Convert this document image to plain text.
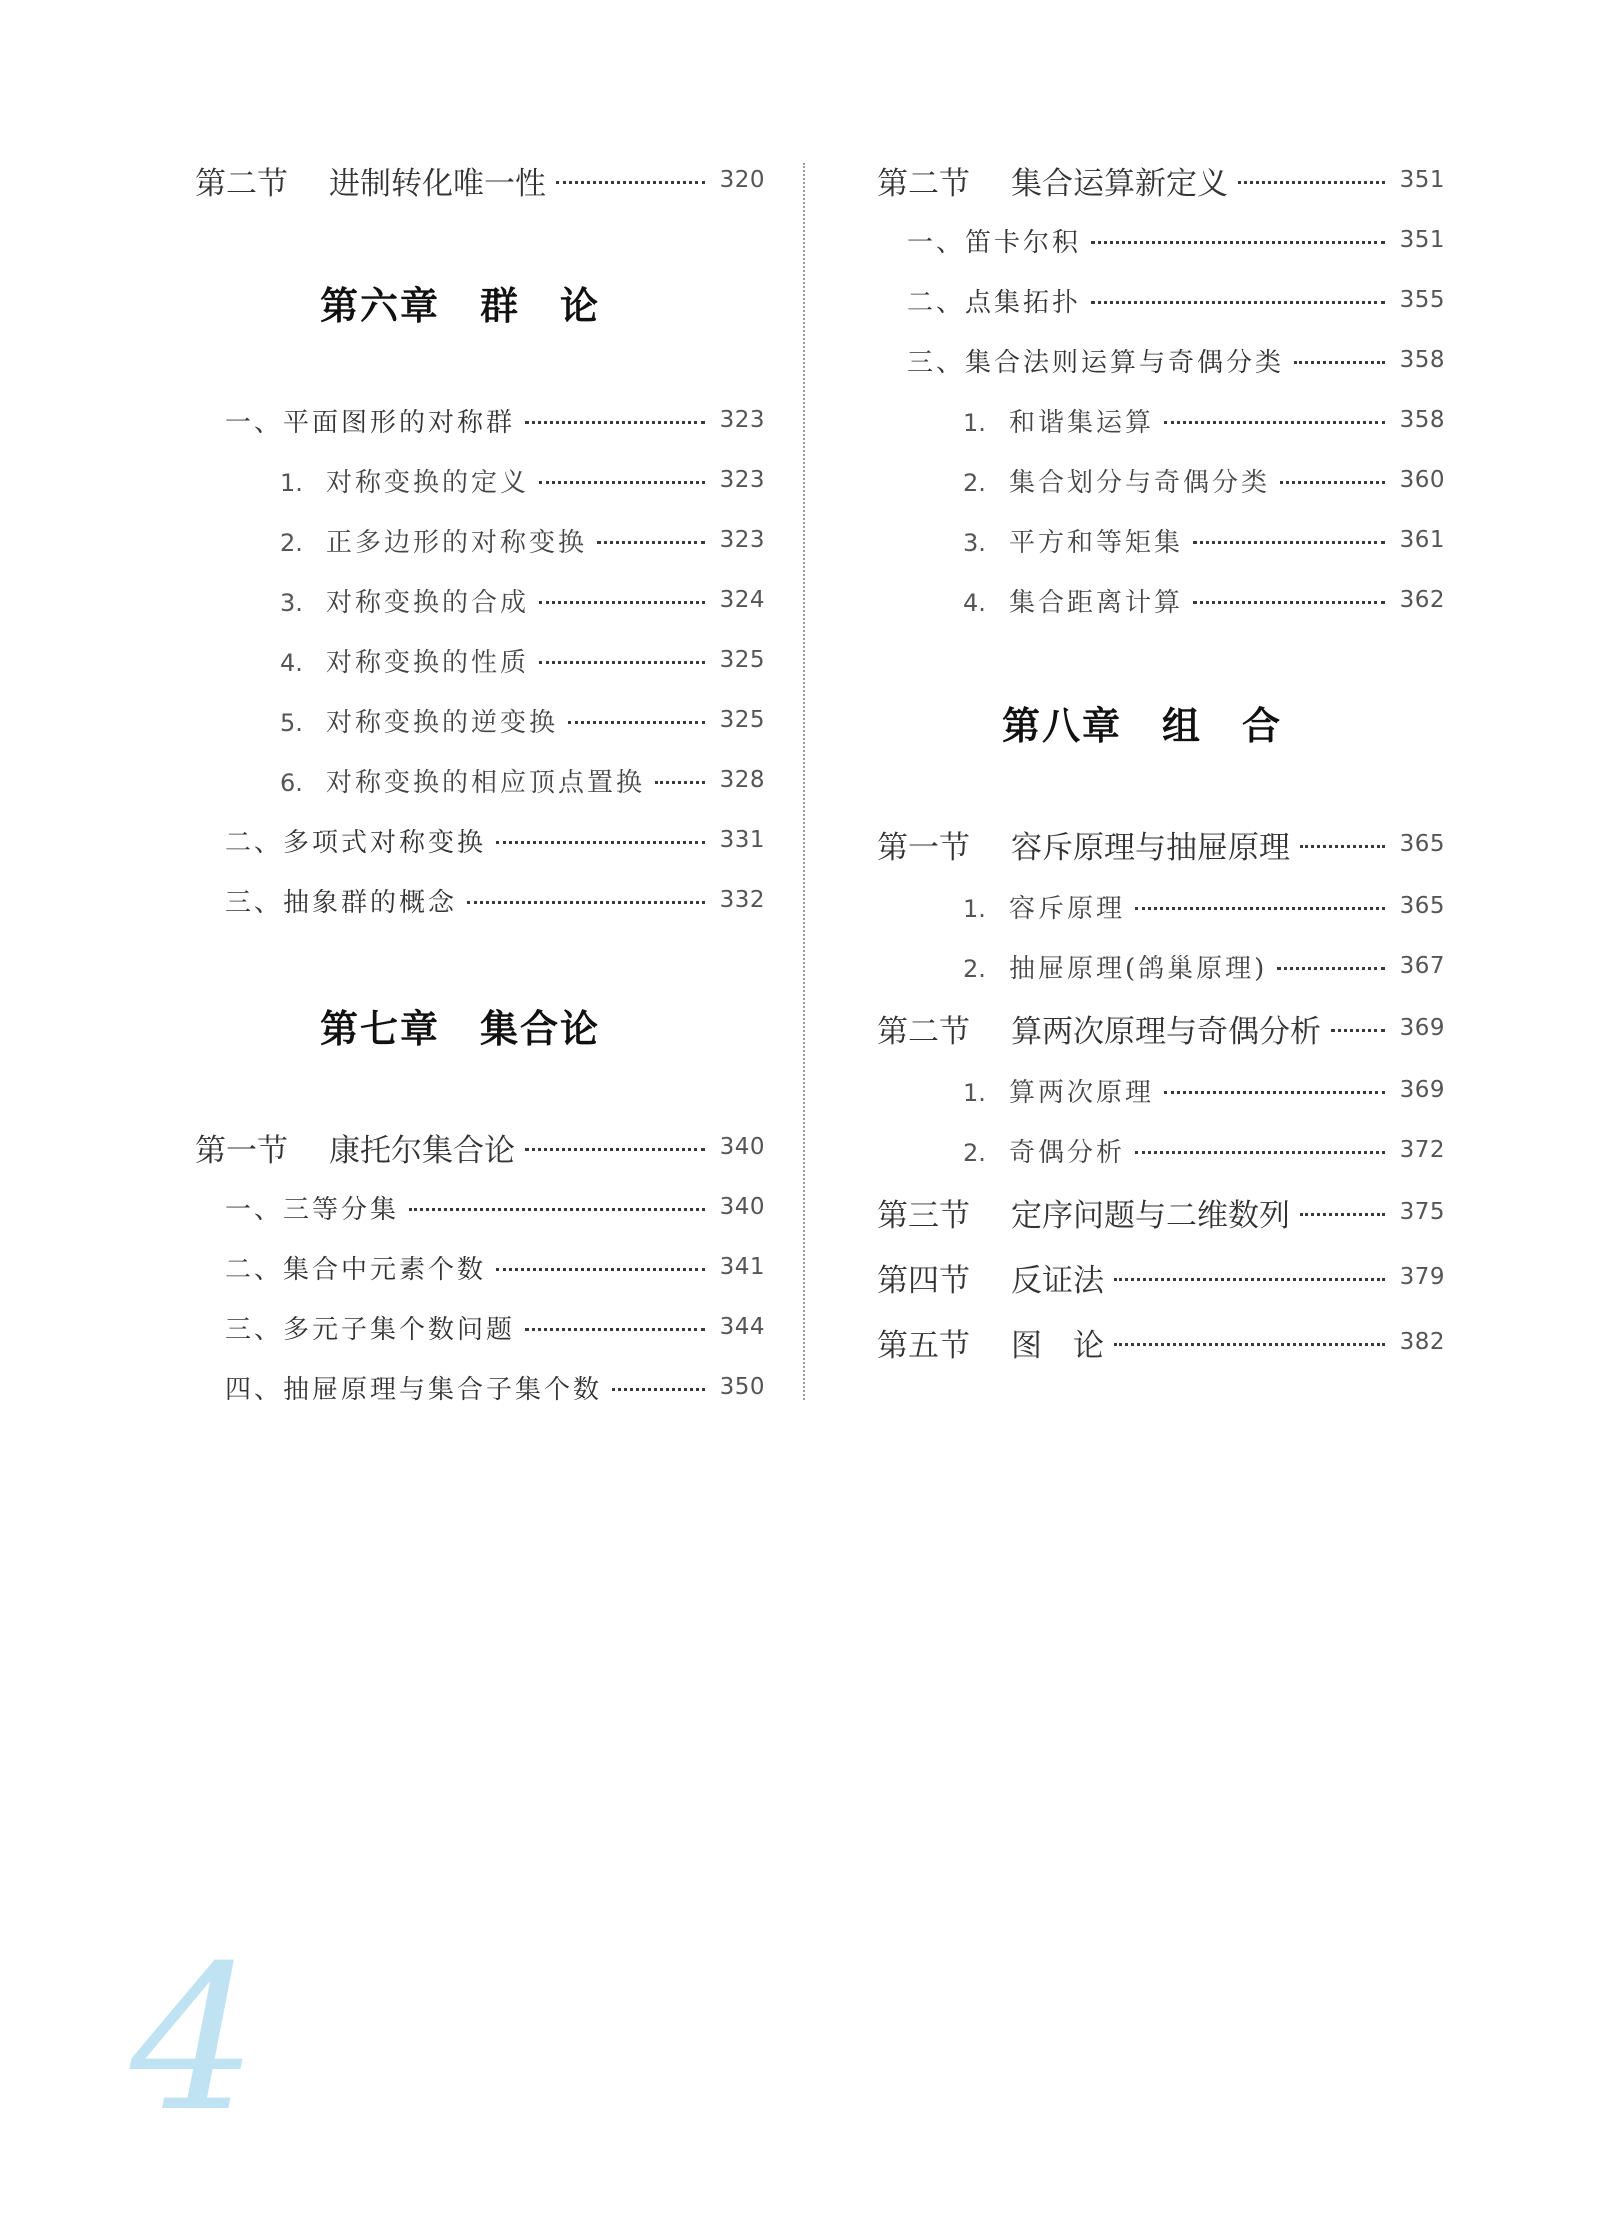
第二节 进制转化唯一性	320
第六章　群　论
一、平面图形的对称群	323
1. 对称变换的定义	323
2. 正多边形的对称变换	323
3. 对称变换的合成	324
4. 对称变换的性质	325
5. 对称变换的逆变换	325
6. 对称变换的相应顶点置换	328
二、多项式对称变换	331
三、抽象群的概念	332
第七章　集合论
第一节 康托尔集合论	340
一、三等分集	340
二、集合中元素个数	341
三、多元子集个数问题	344
四、抽屉原理与集合子集个数	350
第二节 集合运算新定义	351
一、笛卡尔积	351
二、点集拓扑	355
三、集合法则运算与奇偶分类	358
1. 和谐集运算	358
2. 集合划分与奇偶分类	360
3. 平方和等矩集	361
4. 集合距离计算	362
第八章　组　合
第一节 容斥原理与抽屉原理	365
1. 容斥原理	365
2. 抽屉原理(鸽巢原理)	367
第二节 算两次原理与奇偶分析	369
1. 算两次原理	369
2. 奇偶分析	372
第三节 定序问题与二维数列	375
第四节 反证法	379
第五节 图　论	382
4
